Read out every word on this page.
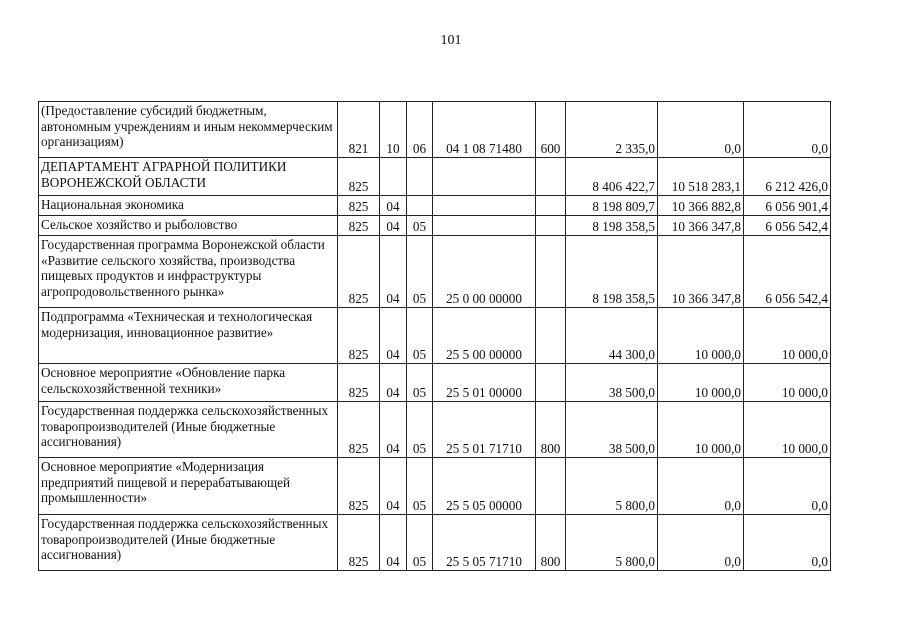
101
(Предоставление субсидий бюджетным, автономным учреждениям и иным некоммерческим организациям)	821	10	06	04 1 08 71480	600	2 335,0	0,0	0,0
ДЕПАРТАМЕНТ АГРАРНОЙ ПОЛИТИКИ ВОРОНЕЖСКОЙ ОБЛАСТИ	825					8 406 422,7	10 518 283,1	6 212 426,0
Национальная экономика	825	04				8 198 809,7	10 366 882,8	6 056 901,4
Сельское хозяйство и рыболовство	825	04	05			8 198 358,5	10 366 347,8	6 056 542,4
Государственная программа Воронежской области «Развитие сельского хозяйства, производства пищевых продуктов и инфраструктуры агропродовольственного рынка»	825	04	05	25 0 00 00000		8 198 358,5	10 366 347,8	6 056 542,4
Подпрограмма «Техническая и технологическая модернизация, инновационное развитие»	825	04	05	25 5 00 00000		44 300,0	10 000,0	10 000,0
Основное мероприятие «Обновление парка сельскохозяйственной техники»	825	04	05	25 5 01 00000		38 500,0	10 000,0	10 000,0
Государственная поддержка сельскохозяйственных товаропроизводителей (Иные бюджетные ассигнования)	825	04	05	25 5 01 71710	800	38 500,0	10 000,0	10 000,0
Основное мероприятие «Модернизация предприятий пищевой и перерабатывающей промышленности»	825	04	05	25 5 05 00000		5 800,0	0,0	0,0
Государственная поддержка сельскохозяйственных товаропроизводителей (Иные бюджетные ассигнования)	825	04	05	25 5 05 71710	800	5 800,0	0,0	0,0
